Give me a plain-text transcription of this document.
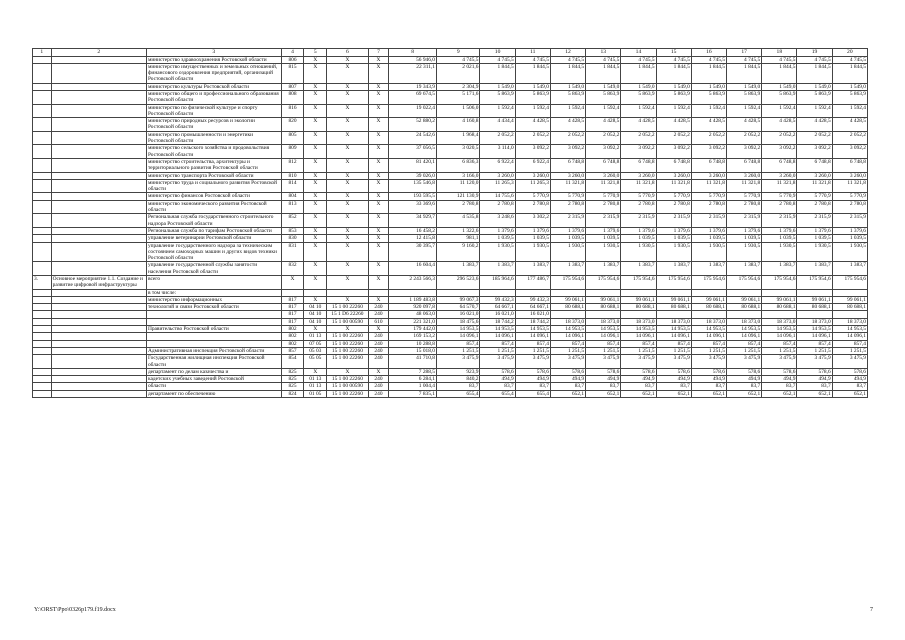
1	2	3	4	5	6	7	8	9	10	11	12	13	14	15	16	17	18	19	20
		министерство здравоохранения Ростовской области	806	Х	Х	Х	56 946,0	4 745,5	4 745,5	4 745,5	4 745,5	4 745,5	4 745,5	4 745,5	4 745,5	4 745,5	4 745,5	4 745,5	4 745,5
		министерство имущественных и земельных отношений, финансового оздоровления предприятий, организаций Ростовской области	815	Х	Х	Х	22 311,1	2 021,6	1 844,5	1 844,5	1 844,5	1 844,5	1 844,5	1 844,5	1 844,5	1 844,5	1 844,5	1 844,5	1 844,5
		министерство культуры Ростовской области	807	Х	Х	Х	19 343,9	2 304,9	1 549,0	1 549,0	1 549,0	1 549,0	1 549,0	1 549,0	1 549,0	1 549,0	1 549,0	1 549,0	1 549,0
		министерство общего и профессионального образования Ростовской области	808	Х	Х	Х	69 674,5	5 171,6	5 863,9	5 863,9	5 863,9	5 863,9	5 863,9	5 863,9	5 863,9	5 863,9	5 863,9	5 863,9	5 863,9
		министерство по физической культуре и спорту Ростовской области	816	Х	Х	Х	19 022,4	1 506,0	1 592,4	1 592,4	1 592,4	1 592,4	1 592,4	1 592,4	1 592,4	1 592,4	1 592,4	1 592,4	1 592,4
		министерство природных ресурсов и экологии Ростовской области	820	Х	Х	Х	52 880,2	4 160,8	4 434,4	4 428,5	4 428,5	4 428,5	4 428,5	4 428,5	4 428,5	4 428,5	4 428,5	4 428,5	4 428,5
		министерство промышленности и энергетики Ростовской области	805	Х	Х	Х	24 542,6	1 968,4	2 052,2	2 052,2	2 052,2	2 052,2	2 052,2	2 052,2	2 052,2	2 052,2	2 052,2	2 052,2	2 052,2
		министерство сельского хозяйства и продовольствия Ростовской области	809	Х	Х	Х	37 056,5	3 020,5	3 114,0	3 092,2	3 092,2	3 092,2	3 092,2	3 092,2	3 092,2	3 092,2	3 092,2	3 092,2	3 092,2
		министерство строительства, архитектуры и территориального развития Ростовской области	812	Х	Х	Х	81 420,1	6 836,3	6 922,4	6 922,4	6 748,8	6 748,8	6 748,8	6 748,8	6 748,8	6 748,8	6 748,8	6 748,8	6 748,8
		министерство транспорта Ростовской области	810	Х	Х	Х	39 026,0	3 166,0	3 260,0	3 260,0	3 260,0	3 260,0	3 260,0	3 260,0	3 260,0	3 260,0	3 260,0	3 260,0	3 260,0
		министерство труда и социального развития Ростовской области	814	Х	Х	Х	135 546,8	11 120,0	11 265,3	11 265,3	11 321,8	11 321,8	11 321,8	11 321,8	11 321,8	11 321,8	11 321,8	11 321,8	11 321,8
		министерство финансов Ростовской области	804	Х	Х	Х	193 595,5	121 130,9	14 755,6	5 770,9	5 770,9	5 770,9	5 770,9	5 770,9	5 770,9	5 770,9	5 770,9	5 770,9	5 770,9
		министерство экономического развития Ростовской области	813	Х	Х	Х	33 369,6	2 780,8	2 780,8	2 780,8	2 780,8	2 780,8	2 780,8	2 780,8	2 780,8	2 780,8	2 780,8	2 780,8	2 780,8
		Региональная служба государственного строительного надзора Ростовской области	852	Х	Х	Х	34 929,7	4 535,8	3 248,6	3 302,2	2 315,9	2 315,9	2 315,9	2 315,9	2 315,9	2 315,9	2 315,9	2 315,9	2 315,9
		Региональная служба по тарифам Ростовской области	853	Х	Х	Х	16 458,2	1 322,6	1 379,6	1 379,6	1 379,6	1 379,6	1 379,6	1 379,6	1 379,6	1 379,6	1 379,6	1 379,6	1 379,6
		управление ветеринарии Ростовской области	830	Х	Х	Х	12 415,8	981,1	1 039,5	1 039,5	1 039,5	1 039,5	1 039,5	1 039,5	1 039,5	1 039,5	1 039,5	1 039,5	1 039,5
		управление государственного надзора за техническим состоянием самоходных машин и других видов техники Ростовской области	831	Х	Х	Х	30 395,7	9 160,2	1 930,5	1 930,5	1 930,5	1 930,5	1 930,5	1 930,5	1 930,5	1 930,5	1 930,5	1 930,5	1 930,5
		управление государственной службы занятости населения Ростовской области	832	Х	Х	Х	16 604,4	1 383,7	1 383,7	1 383,7	1 383,7	1 383,7	1 383,7	1 383,7	1 383,7	1 383,7	1 383,7	1 383,7	1 383,7
3.	Основное мероприятие 1.1. Создание и развитие цифровой инфраструктуры	всего	Х	Х	Х	Х	2 243 566,3	296 523,6	185 964,6	177 486,7	175 954,6	175 954,6	175 954,6	175 954,6	175 954,6	175 954,6	175 954,6	175 954,6	175 954,6
		в том числе:																	
		министерство информационных	817	Х	Х	Х	1 189 483,8	99 067,3	99 432,3	99 432,3	99 061,1	99 061,1	99 061,1	99 061,1	99 061,1	99 061,1	99 061,1	99 061,1	99 061,1
		технологий и связи Ростовской области	817	04 10	15 1 00 22260	240	920 097,8	64 570,7	64 667,1	64 667,1	80 688,1	80 688,1	80 688,1	80 688,1	80 688,1	80 688,1	80 688,1	80 688,1	80 688,1
			817	04 10	15 1 D6 22260	240	48 063,0	16 021,0	16 021,0	16 021,0									
			817	04 10	15 1 00 00590	610	221 321,0	18 475,6	18 744,2	18 744,2	18 373,0	18 373,0	18 373,0	18 373,0	18 373,0	18 373,0	18 373,0	18 373,0	18 373,0
		Правительство Ростовской области	802	Х	Х	Х	179 442,0	14 953,5	14 953,5	14 953,5	14 953,5	14 953,5	14 953,5	14 953,5	14 953,5	14 953,5	14 953,5	14 953,5	14 953,5
			802	01 13	15 1 00 22260	240	169 153,2	14 096,1	14 096,1	14 096,1	14 096,1	14 096,1	14 096,1	14 096,1	14 096,1	14 096,1	14 096,1	14 096,1	14 096,1
			802	07 05	15 1 00 22260	240	10 288,8	857,4	857,4	857,4	857,4	857,4	857,4	857,4	857,4	857,4	857,4	857,4	857,4
		Административная инспекция Ростовской области	857	05 03	15 1 00 22260	240	15 018,0	1 251,5	1 251,5	1 251,5	1 251,5	1 251,5	1 251,5	1 251,5	1 251,5	1 251,5	1 251,5	1 251,5	1 251,5
		Государственная жилищная инспекция Ростовской области	854	05 05	15 1 00 22260	240	41 710,8	3 475,9	3 475,9	3 475,9	3 475,9	3 475,9	3 475,9	3 475,9	3 475,9	3 475,9	3 475,9	3 475,9	3 475,9
		департамент по делам казачества и	825	Х	Х	Х	7 288,5	923,9	578,6	578,6	578,6	578,6	578,6	578,6	578,6	578,6	578,6	578,6	578,6
		кадетских учебных заведений Ростовской	825	01 13	15 1 00 22260	240	6 284,1	840,2	494,9	494,9	494,9	494,9	494,9	494,9	494,9	494,9	494,9	494,9	494,9
		области	825	01 13	15 1 00 00590	240	1 004,4	83,7	83,7	83,7	83,7	83,7	83,7	83,7	83,7	83,7	83,7	83,7	83,7
		департамент по обеспечению	824	01 05	15 1 00 22260	240	7 835,1	655,4	655,4	655,4	652,1	652,1	652,1	652,1	652,1	652,1	652,1	652,1	652,1
Y:\ORST\Ppo\0326p179.f19.docx	7
